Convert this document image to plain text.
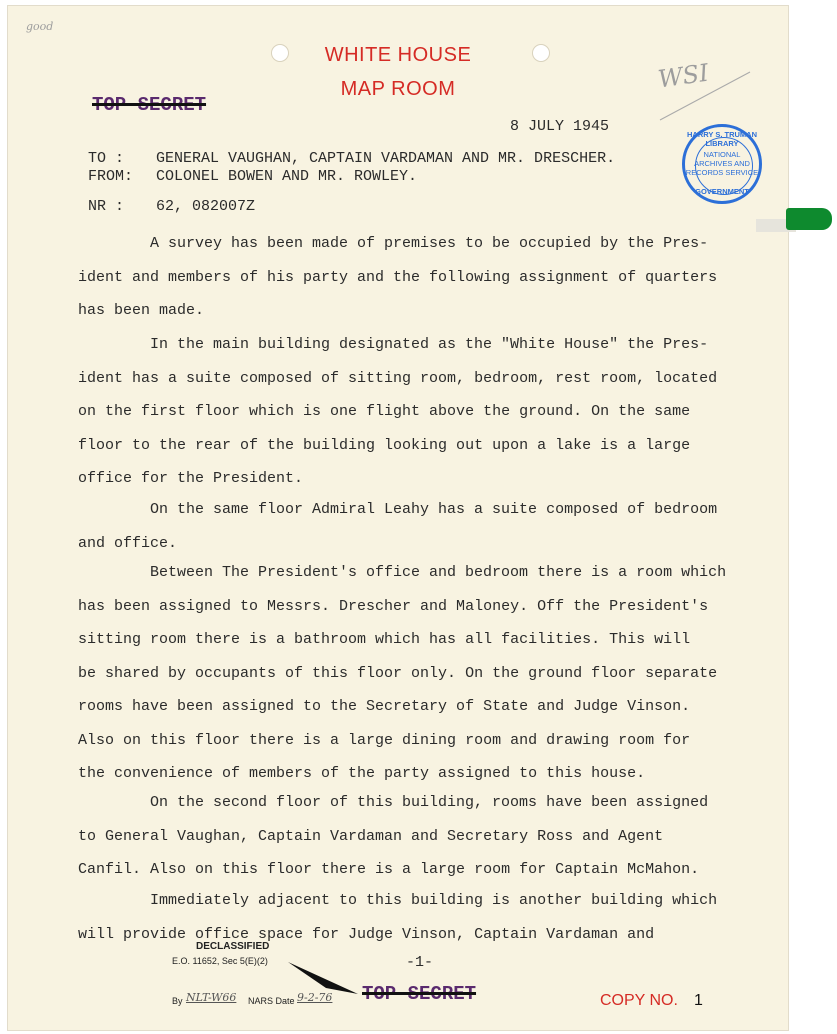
good
WHITE HOUSE
MAP ROOM	WSI
TOP SECRET
8 JULY 1945	HARRY S. TRUMAN LIBRARY
NATIONAL ARCHIVES AND RECORDS SERVICE
GOVERNMENT
TO : GENERAL VAUGHAN, CAPTAIN VARDAMAN AND MR. DRESCHER.
FROM: COLONEL BOWEN AND MR. ROWLEY.
NR : 62, 082007Z
A survey has been made of premises to be occupied by the Pres-
ident and members of his party and the following assignment of quarters
has been made.
In the main building designated as the "White House" the Pres-
ident has a suite composed of sitting room, bedroom, rest room, located
on the first floor which is one flight above the ground. On the same
floor to the rear of the building looking out upon a lake is a large
office for the President.
On the same floor Admiral Leahy has a suite composed of bedroom
and office.
Between The President's office and bedroom there is a room which
has been assigned to Messrs. Drescher and Maloney. Off the President's
sitting room there is a bathroom which has all facilities. This will
be shared by occupants of this floor only. On the ground floor separate
rooms have been assigned to the Secretary of State and Judge Vinson.
Also on this floor there is a large dining room and drawing room for
the convenience of members of the party assigned to this house.
On the second floor of this building, rooms have been assigned
to General Vaughan, Captain Vardaman and Secretary Ross and Agent
Canfil. Also on this floor there is a large room for Captain McMahon.
Immediately adjacent to this building is another building which
will provide office space for Judge Vinson, Captain Vardaman and
DECLASSIFIED
E.O. 11652, Sec 5(E)(2)	-1-
By NLT-W66 NARS Date 9-2-76 TOP SECRET	COPY NO. 1
